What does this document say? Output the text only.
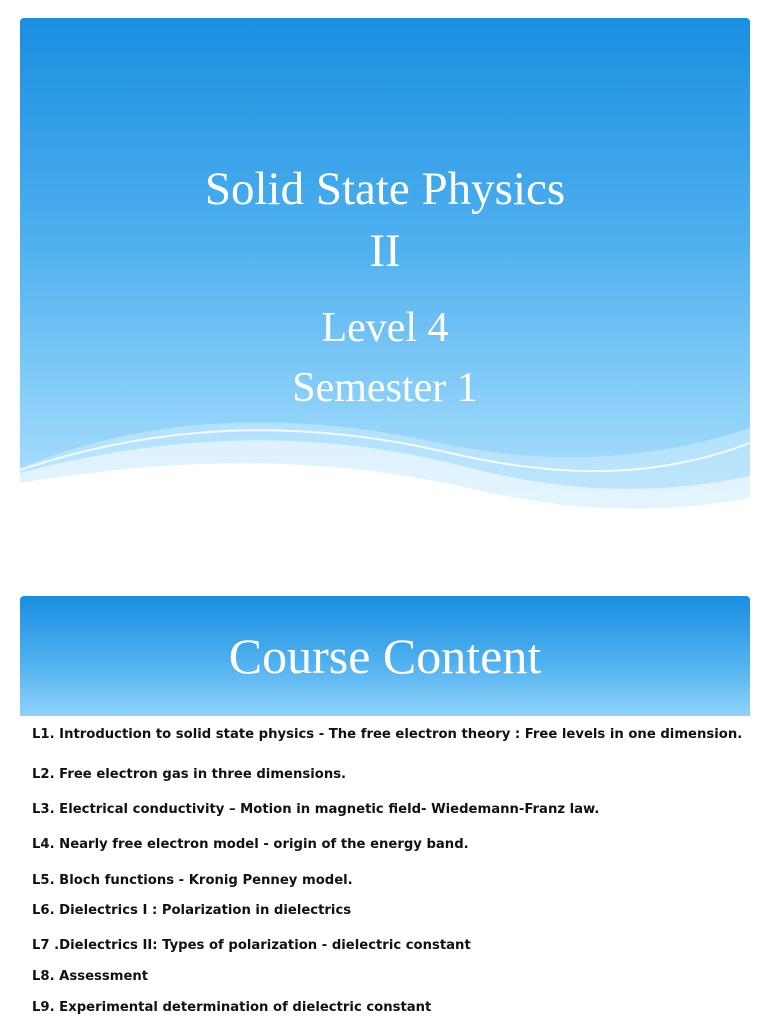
Solid State Physics
II
Level 4
Semester 1
Course Content
L1. Introduction to solid state physics - The free electron theory : Free levels in one dimension.
L2. Free electron gas in three dimensions.
L3. Electrical conductivity – Motion in magnetic field- Wiedemann-Franz law.
L4. Nearly free electron model - origin of the energy band.
L5. Bloch functions - Kronig Penney model.
L6. Dielectrics I : Polarization in dielectrics
L7 .Dielectrics II: Types of polarization - dielectric constant
L8. Assessment
L9. Experimental determination of dielectric constant
